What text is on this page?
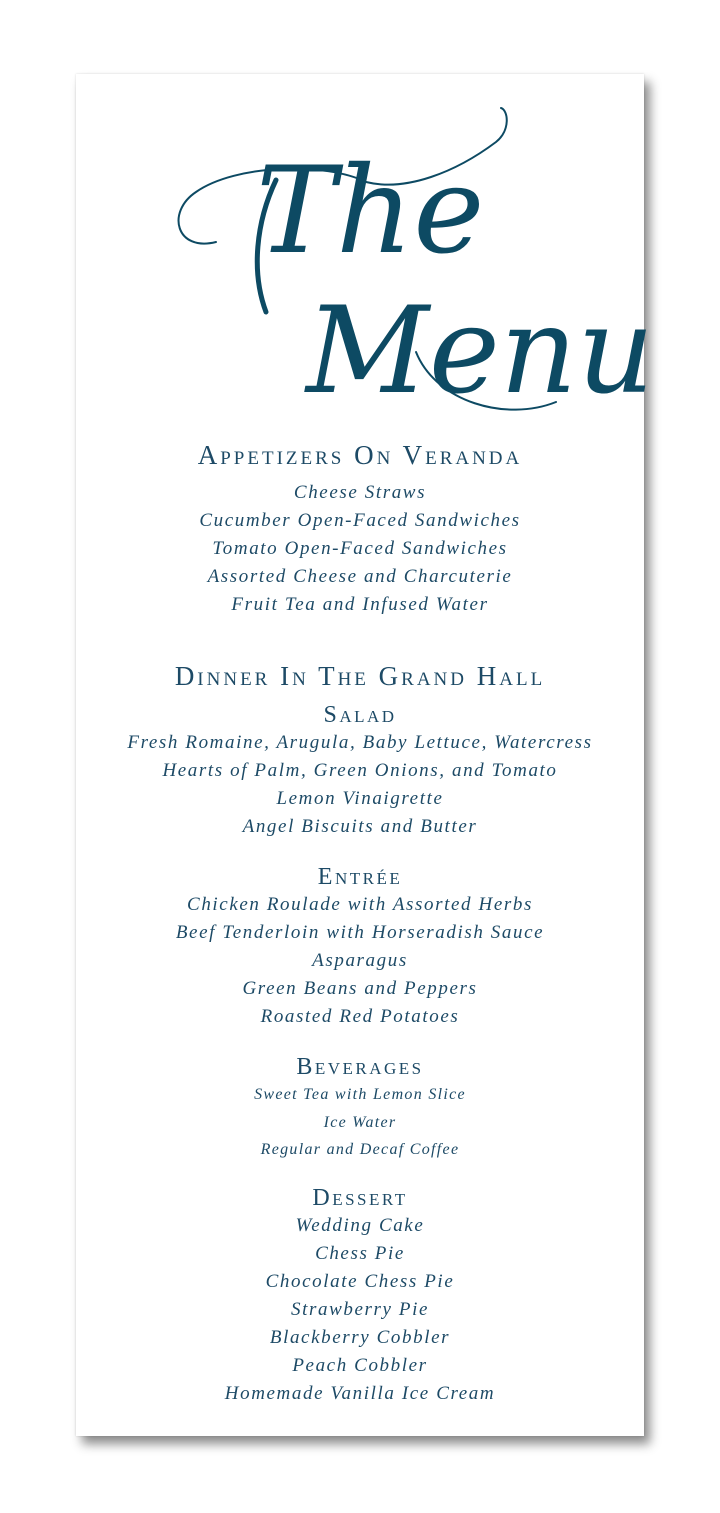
The
Menu
Appetizers On Veranda
Cheese Straws
Cucumber Open-Faced Sandwiches
Tomato Open-Faced Sandwiches
Assorted Cheese and Charcuterie
Fruit Tea and Infused Water
Dinner In The Grand Hall
Salad
Fresh Romaine, Arugula, Baby Lettuce, Watercress
Hearts of Palm, Green Onions, and Tomato
Lemon Vinaigrette
Angel Biscuits and Butter
Entrée
Chicken Roulade with Assorted Herbs
Beef Tenderloin with Horseradish Sauce
Asparagus
Green Beans and Peppers
Roasted Red Potatoes
Beverages
Sweet Tea with Lemon Slice
Ice Water
Regular and Decaf Coffee
Dessert
Wedding Cake
Chess Pie
Chocolate Chess Pie
Strawberry Pie
Blackberry Cobbler
Peach Cobbler
Homemade Vanilla Ice Cream
